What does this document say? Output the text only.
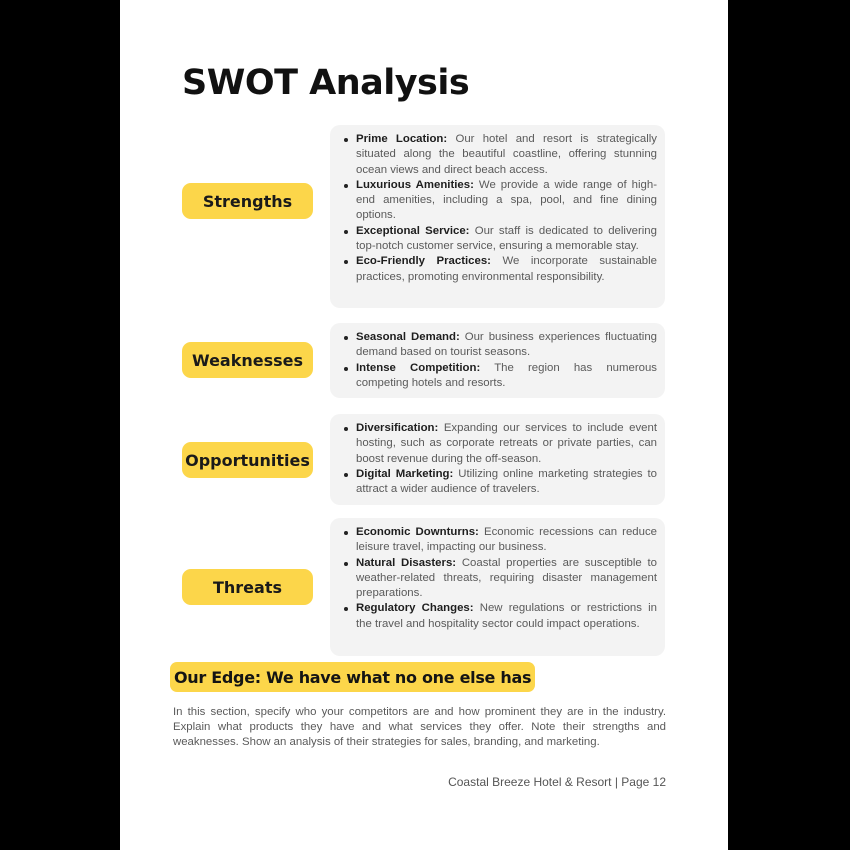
SWOT Analysis
Strengths
Prime Location: Our hotel and resort is strategically situated along the beautiful coastline, offering stunning ocean views and direct beach access.
Luxurious Amenities: We provide a wide range of high-end amenities, including a spa, pool, and fine dining options.
Exceptional Service: Our staff is dedicated to delivering top-notch customer service, ensuring a memorable stay.
Eco-Friendly Practices: We incorporate sustainable practices, promoting environmental responsibility.
Weaknesses
Seasonal Demand: Our business experiences fluctuating demand based on tourist seasons.
Intense Competition: The region has numerous competing hotels and resorts.
Opportunities
Diversification: Expanding our services to include event hosting, such as corporate retreats or private parties, can boost revenue during the off-season.
Digital Marketing: Utilizing online marketing strategies to attract a wider audience of travelers.
Threats
Economic Downturns: Economic recessions can reduce leisure travel, impacting our business.
Natural Disasters: Coastal properties are susceptible to weather-related threats, requiring disaster management preparations.
Regulatory Changes: New regulations or restrictions in the travel and hospitality sector could impact operations.
Our Edge: We have what no one else has

In this section, specify who your competitors are and how prominent they are in the industry. Explain what products they have and what services they offer. Note their strengths and weaknesses. Show an analysis of their strategies for sales, branding, and marketing.

Coastal Breeze Hotel & Resort | Page 12
